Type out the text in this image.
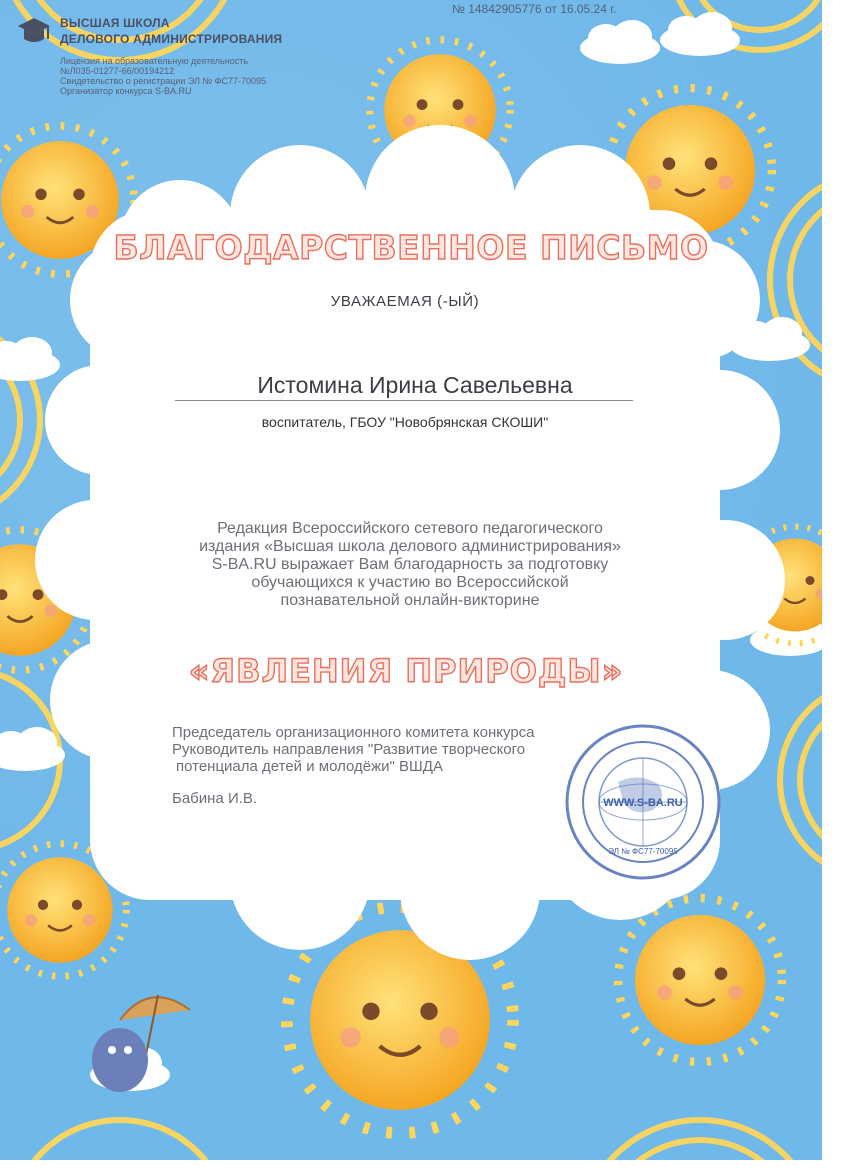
ВЫСШАЯ ШКОЛА
ДЕЛОВОГО АДМИНИСТРИРОВАНИЯ
Лицензия на образовательную деятельность
№Л035-01277-66/00194212
Свидетельство о регистрации ЭЛ № ФС77-70095
Организатор конкурса S-BA.RU
№ 14842905776 от 16.05.24 г.
БЛАГОДАРСТВЕННОЕ ПИСЬМО
УВАЖАЕМАЯ (-ЫЙ)
Истомина Ирина Савельевна
воспитатель, ГБОУ "Новобрянская СКОШИ"
Редакция Всероссийского сетевого педагогического
издания «Высшая школа делового администрирования»
S-BA.RU выражает Вам благодарность за подготовку
обучающихся к участию во Всероссийской
познавательной онлайн-викторине
«ЯВЛЕНИЯ ПРИРОДЫ»
Председатель организационного комитета конкурса
Руководитель направления "Развитие творческого
потенциала детей и молодёжи" ВШДА
Бабина И.В.	WWW.S-BA.RU
ЭЛ № ФС77-70095
